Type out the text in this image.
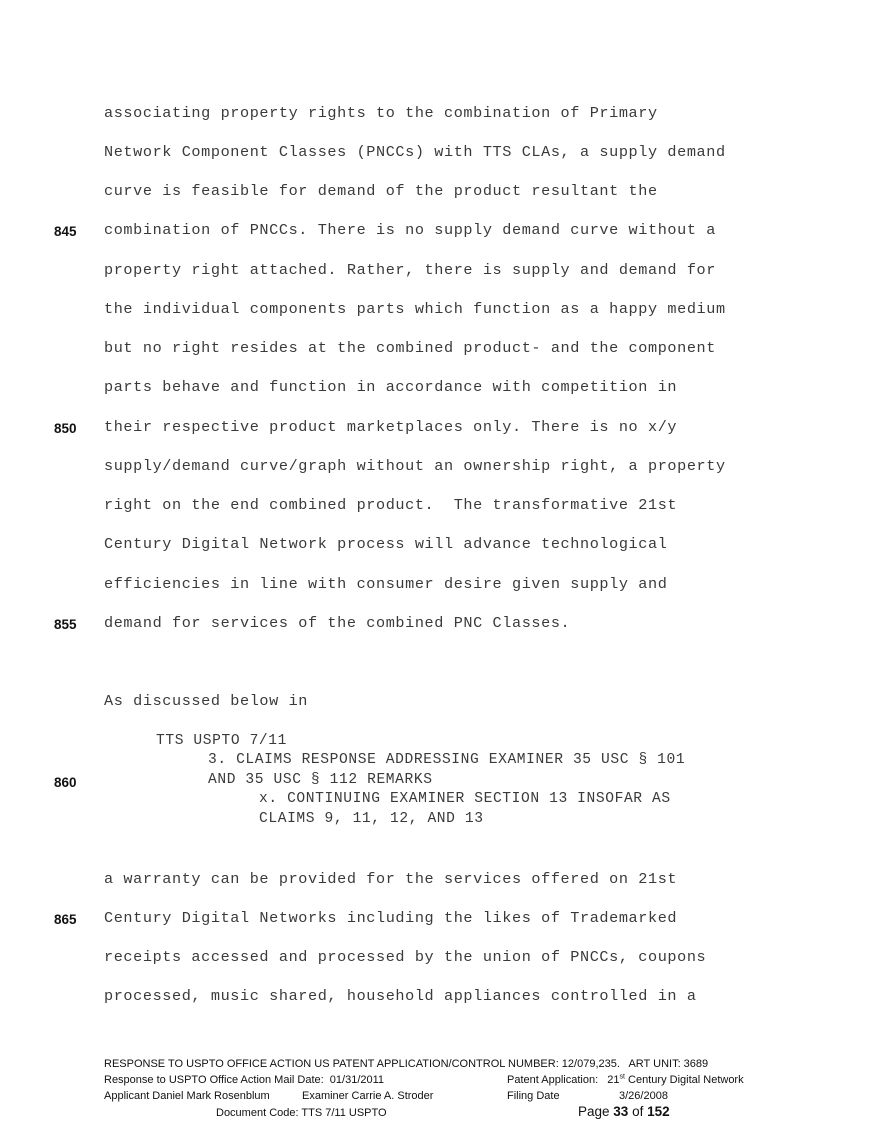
associating property rights to the combination of Primary
Network Component Classes (PNCCs) with TTS CLAs, a supply demand
curve is feasible for demand of the product resultant the
845 combination of PNCCs. There is no supply demand curve without a
property right attached. Rather, there is supply and demand for
the individual components parts which function as a happy medium
but no right resides at the combined product- and the component
parts behave and function in accordance with competition in
850 their respective product marketplaces only. There is no x/y
supply/demand curve/graph without an ownership right, a property
right on the end combined product.  The transformative 21st
Century Digital Network process will advance technological
efficiencies in line with consumer desire given supply and
855 demand for services of the combined PNC Classes.
As discussed below in
TTS USPTO 7/11
3. CLAIMS RESPONSE ADDRESSING EXAMINER 35 USC § 101
860	AND 35 USC § 112 REMARKS
x. CONTINUING EXAMINER SECTION 13 INSOFAR AS
CLAIMS 9, 11, 12, AND 13
a warranty can be provided for the services offered on 21st
865 Century Digital Networks including the likes of Trademarked
receipts accessed and processed by the union of PNCCs, coupons
processed, music shared, household appliances controlled in a
RESPONSE TO USPTO OFFICE ACTION US PATENT APPLICATION/CONTROL NUMBER: 12/079,235.   ART UNIT: 3689
Response to USPTO Office Action Mail Date:  01/31/2011	Patent Application: 21st Century Digital Network
Applicant Daniel Mark Rosenblum	Examiner Carrie A. Stroder	Filing Date	3/26/2008
Document Code: TTS 7/11 USPTO	Page 33 of 152
